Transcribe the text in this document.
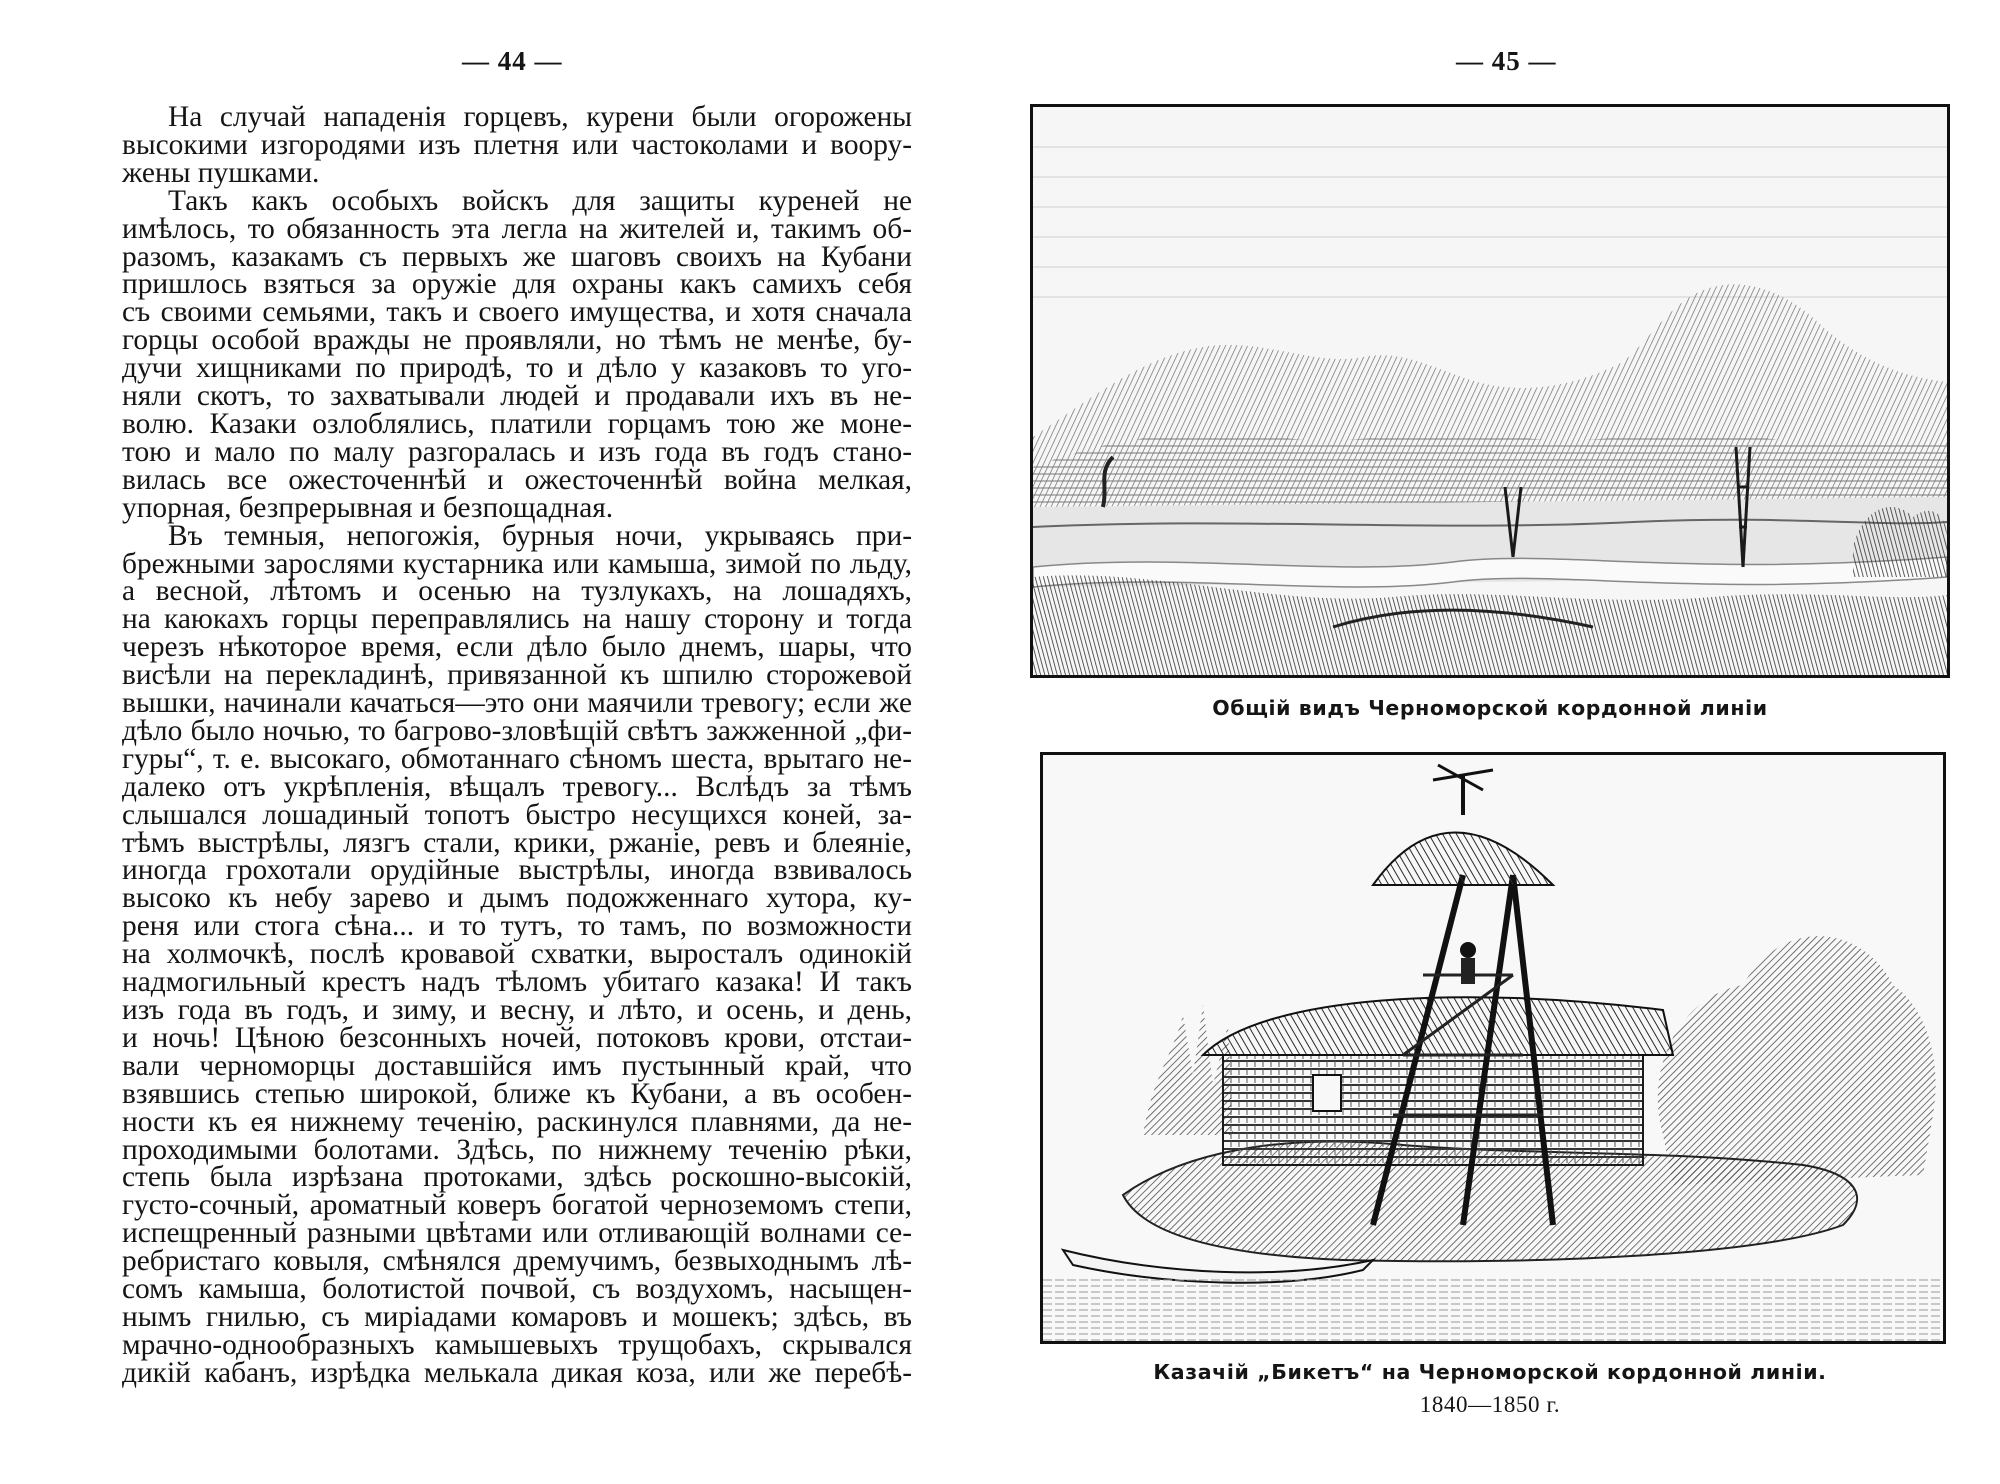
— 44 —	— 45 —

На случай нападенія горцевъ, курени были огорожены
высокими изгородями изъ плетня или частоколами и воору-
жены пушками.
Такъ какъ особыхъ войскъ для защиты куреней не
имѣлось, то обязанность эта легла на жителей и, такимъ об-
разомъ, казакамъ съ первыхъ же шаговъ своихъ на Кубани
пришлось взяться за оружіе для охраны какъ самихъ себя
съ своими семьями, такъ и своего имущества, и хотя сначала
горцы особой вражды не проявляли, но тѣмъ не менѣе, бу-
дучи хищниками по природѣ, то и дѣло у казаковъ то уго-
няли скотъ, то захватывали людей и продавали ихъ въ не-
волю. Казаки озлоблялись, платили горцамъ тою же моне-
тою и мало по малу разгоралась и изъ года въ годъ стано-
вилась все ожесточеннѣй и ожесточеннѣй война мелкая,
упорная, безпрерывная и безпощадная.
Въ темныя, непогожія, бурныя ночи, укрываясь при-
брежными зарослями кустарника или камыша, зимой по льду,
а весной, лѣтомъ и осенью на тузлукахъ, на лошадяхъ,
на каюкахъ горцы переправлялись на нашу сторону и тогда
черезъ нѣкоторое время, если дѣло было днемъ, шары, что
висѣли на перекладинѣ, привязанной къ шпилю сторожевой
вышки, начинали качаться—это они маячили тревогу; если же
дѣло было ночью, то багрово-зловѣщій свѣтъ зажженной „фи-
гуры“, т. е. высокаго, обмотаннаго сѣномъ шеста, врытаго не-
далеко отъ укрѣпленія, вѣщалъ тревогу... Вслѣдъ за тѣмъ
слышался лошадиный топотъ быстро несущихся коней, за-
тѣмъ выстрѣлы, лязгъ стали, крики, ржаніе, ревъ и блеяніе,
иногда грохотали орудійные выстрѣлы, иногда взвивалось
высоко къ небу зарево и дымъ подожженнаго хутора, ку-
реня или стога сѣна... и то тутъ, то тамъ, по возможности
на холмочкѣ, послѣ кровавой схватки, выросталъ одинокій
надмогильный крестъ надъ тѣломъ убитаго казака! И такъ
изъ года въ годъ, и зиму, и весну, и лѣто, и осень, и день,
и ночь! Цѣною безсонныхъ ночей, потоковъ крови, отстаи-
вали черноморцы доставшійся имъ пустынный край, что
взявшись степью широкой, ближе къ Кубани, а въ особен-
ности къ ея нижнему теченію, раскинулся плавнями, да не-
проходимыми болотами. Здѣсь, по нижнему теченію рѣки,
степь была изрѣзана протоками, здѣсь роскошно-высокій,
густо-сочный, ароматный коверъ богатой черноземомъ степи,
испещренный разными цвѣтами или отливающій волнами се-
ребристаго ковыля, смѣнялся дремучимъ, безвыходнымъ лѣ-
сомъ камыша, болотистой почвой, съ воздухомъ, насыщен-
нымъ гнилью, съ миріадами комаровъ и мошекъ; здѣсь, въ
мрачно-однообразныхъ камышевыхъ трущобахъ, скрывался
дикій кабанъ, изрѣдка мелькала дикая коза, или же перебѣ-

Общій видъ Черноморской кордонной линіи
Казачій „Бикетъ“ на Черноморской кордонной линіи.
1840—1850 г.
